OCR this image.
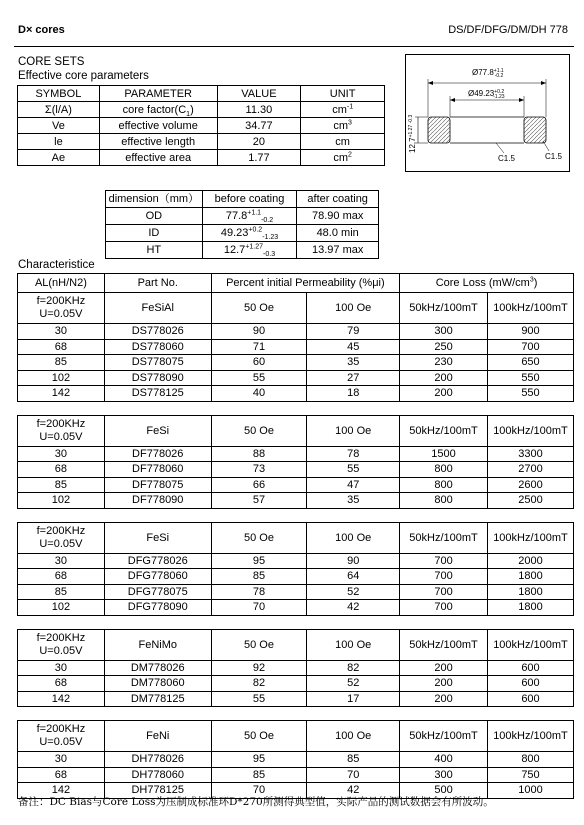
D× cores	DS/DF/DFG/DM/DH 778
CORE SETS
Effective core parameters
SYMBOL	PARAMETER	VALUE	UNIT
Σ(l/A)	core $factor(C_1)$	11.30	$cm^{-1}$
Ve	effective volume	34.77	$cm^3$
le	effective length	20	cm
Ae	effective area	1.77	$cm^2$
$Ø77.8^{+1.1}$ -0.2
$Ø49.23^{+0.2}$ -1.23
$12.7^{+1.27 -0.3}$
C1.5	C1.5
dimension（mm）	before coating	after coating
OD	$77.8^{+1.1}_{-0.2}$	78.90 max
ID	$49.23^{+0.2}_{-1.23}$	48.0 min
HT	$12.7^{+1.27}_{-0.3}$	13.97 max
Characteristice
AL(nH/N2)	Part No.	Percent initial Permeability (%μi)		Core Loss $(mW/cm^3)$	

f=200KHz
U=0.05V	FeSiAl	50 Oe	100 Oe	50kHz/100mT	100kHz/100mT
30	DS778026	90	79	300	900
68	DS778060	71	45	250	700
85	DS778075	60	35	230	650
102	DS778090	55	27	200	550
142	DS778125	40	18	200	550

f=200KHz
U=0.05V	FeSi	50 Oe	100 Oe	50kHz/100mT	100kHz/100mT
30	DF778026	88	78	1500	3300
68	DF778060	73	55	800	2700
85	DF778075	66	47	800	2600
102	DF778090	57	35	800	2500

f=200KHz
U=0.05V	FeSi	50 Oe	100 Oe	50kHz/100mT	100kHz/100mT
30	DFG778026	95	90	700	2000
68	DFG778060	85	64	700	1800
85	DFG778075	78	52	700	1800
102	DFG778090	70	42	700	1800

f=200KHz
U=0.05V	FeNiMo	50 Oe	100 Oe	50kHz/100mT	100kHz/100mT
30	DM778026	92	82	200	600
68	DM778060	82	52	200	600
142	DM778125	55	17	200	600

f=200KHz
U=0.05V	FeNi	50 Oe	100 Oe	50kHz/100mT	100kHz/100mT
30	DH778026	95	85	400	800
68	DH778060	85	70	300	750
142	DH778125	70	42	500	1000
备注：DC Bias与Core Loss为压制成标准环D*270所测得典型值，实际产品的测试数据会有所波动。
